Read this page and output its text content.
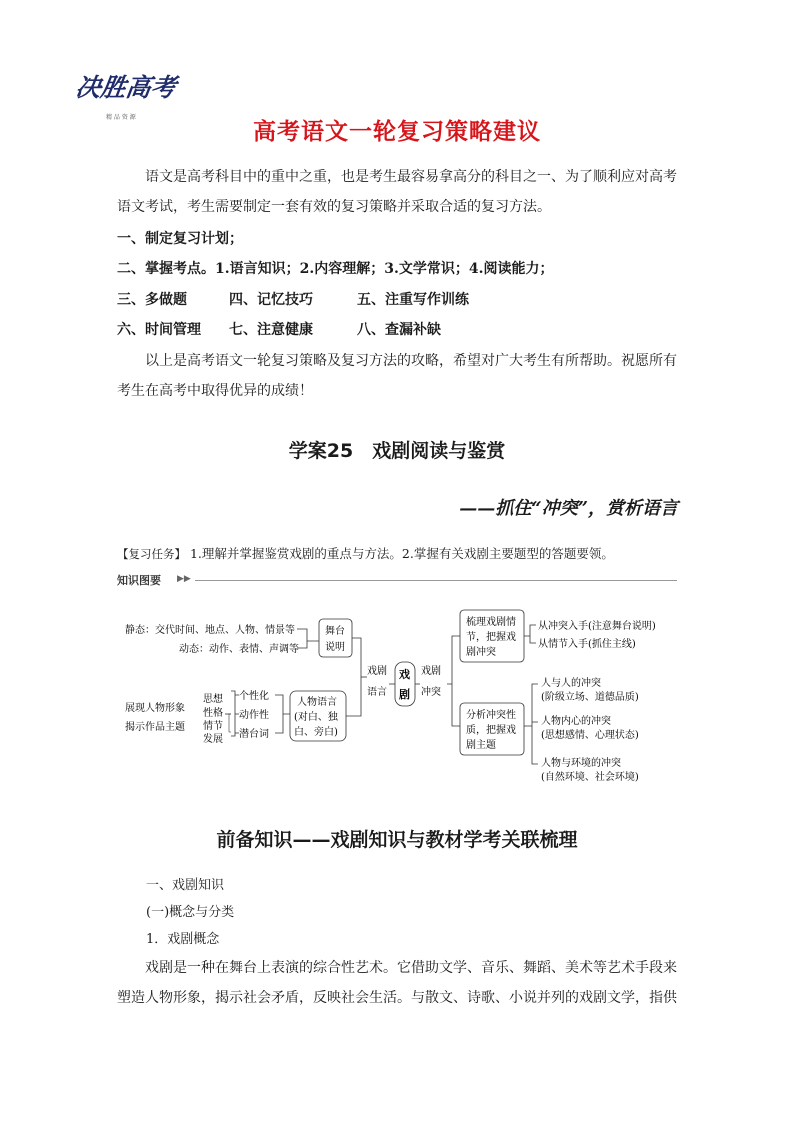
决胜高考
精 品 资 源
高考语文一轮复习策略建议

语文是高考科目中的重中之重，也是考生最容易拿高分的科目之一、为了顺利应对高考语文考试，考生需要制定一套有效的复习策略并采取合适的复习方法。

一、制定复习计划；
二、掌握考点。1.语言知识；2.内容理解；3.文学常识；4.阅读能力；
三、多做题	四、记忆技巧	五、注重写作训练
六、时间管理 七、注意健康	八、查漏补缺

以上是高考语文一轮复习策略及复习方法的攻略，希望对广大考生有所帮助。祝愿所有考生在高考中取得优异的成绩！

学案25　戏剧阅读与鉴赏
——抓住“冲突”，赏析语言
【复习任务】 1.理解并掌握鉴赏戏剧的重点与方法。2.掌握有关戏剧主要题型的答题要领。
知识图要 ▶▶
静态：交代时间、地点、人物、情景等
动态：动作、表情、声调等
舞台
说明
展现人物形象
揭示作品主题
思想
性格
情节
发展
个性化
动作性
潜台词
人物语言
(对白、独
白、旁白)
戏剧
语言
戏
剧
戏剧
冲突
梳理戏剧情
节，把握戏
剧冲突
从冲突入手(注意舞台说明)
从情节入手(抓住主线)
分析冲突性
质，把握戏
剧主题
人与人的冲突
(阶级立场、道德品质)
人物内心的冲突
(思想感情、心理状态)
人物与环境的冲突
(自然环境、社会环境)
前备知识——戏剧知识与教材学考关联梳理
一、戏剧知识
(一)概念与分类
1．戏剧概念

戏剧是一种在舞台上表演的综合性艺术。它借助文学、音乐、舞蹈、美术等艺术手段来塑造人物形象，揭示社会矛盾，反映社会生活。与散文、诗歌、小说并列的戏剧文学，指供
